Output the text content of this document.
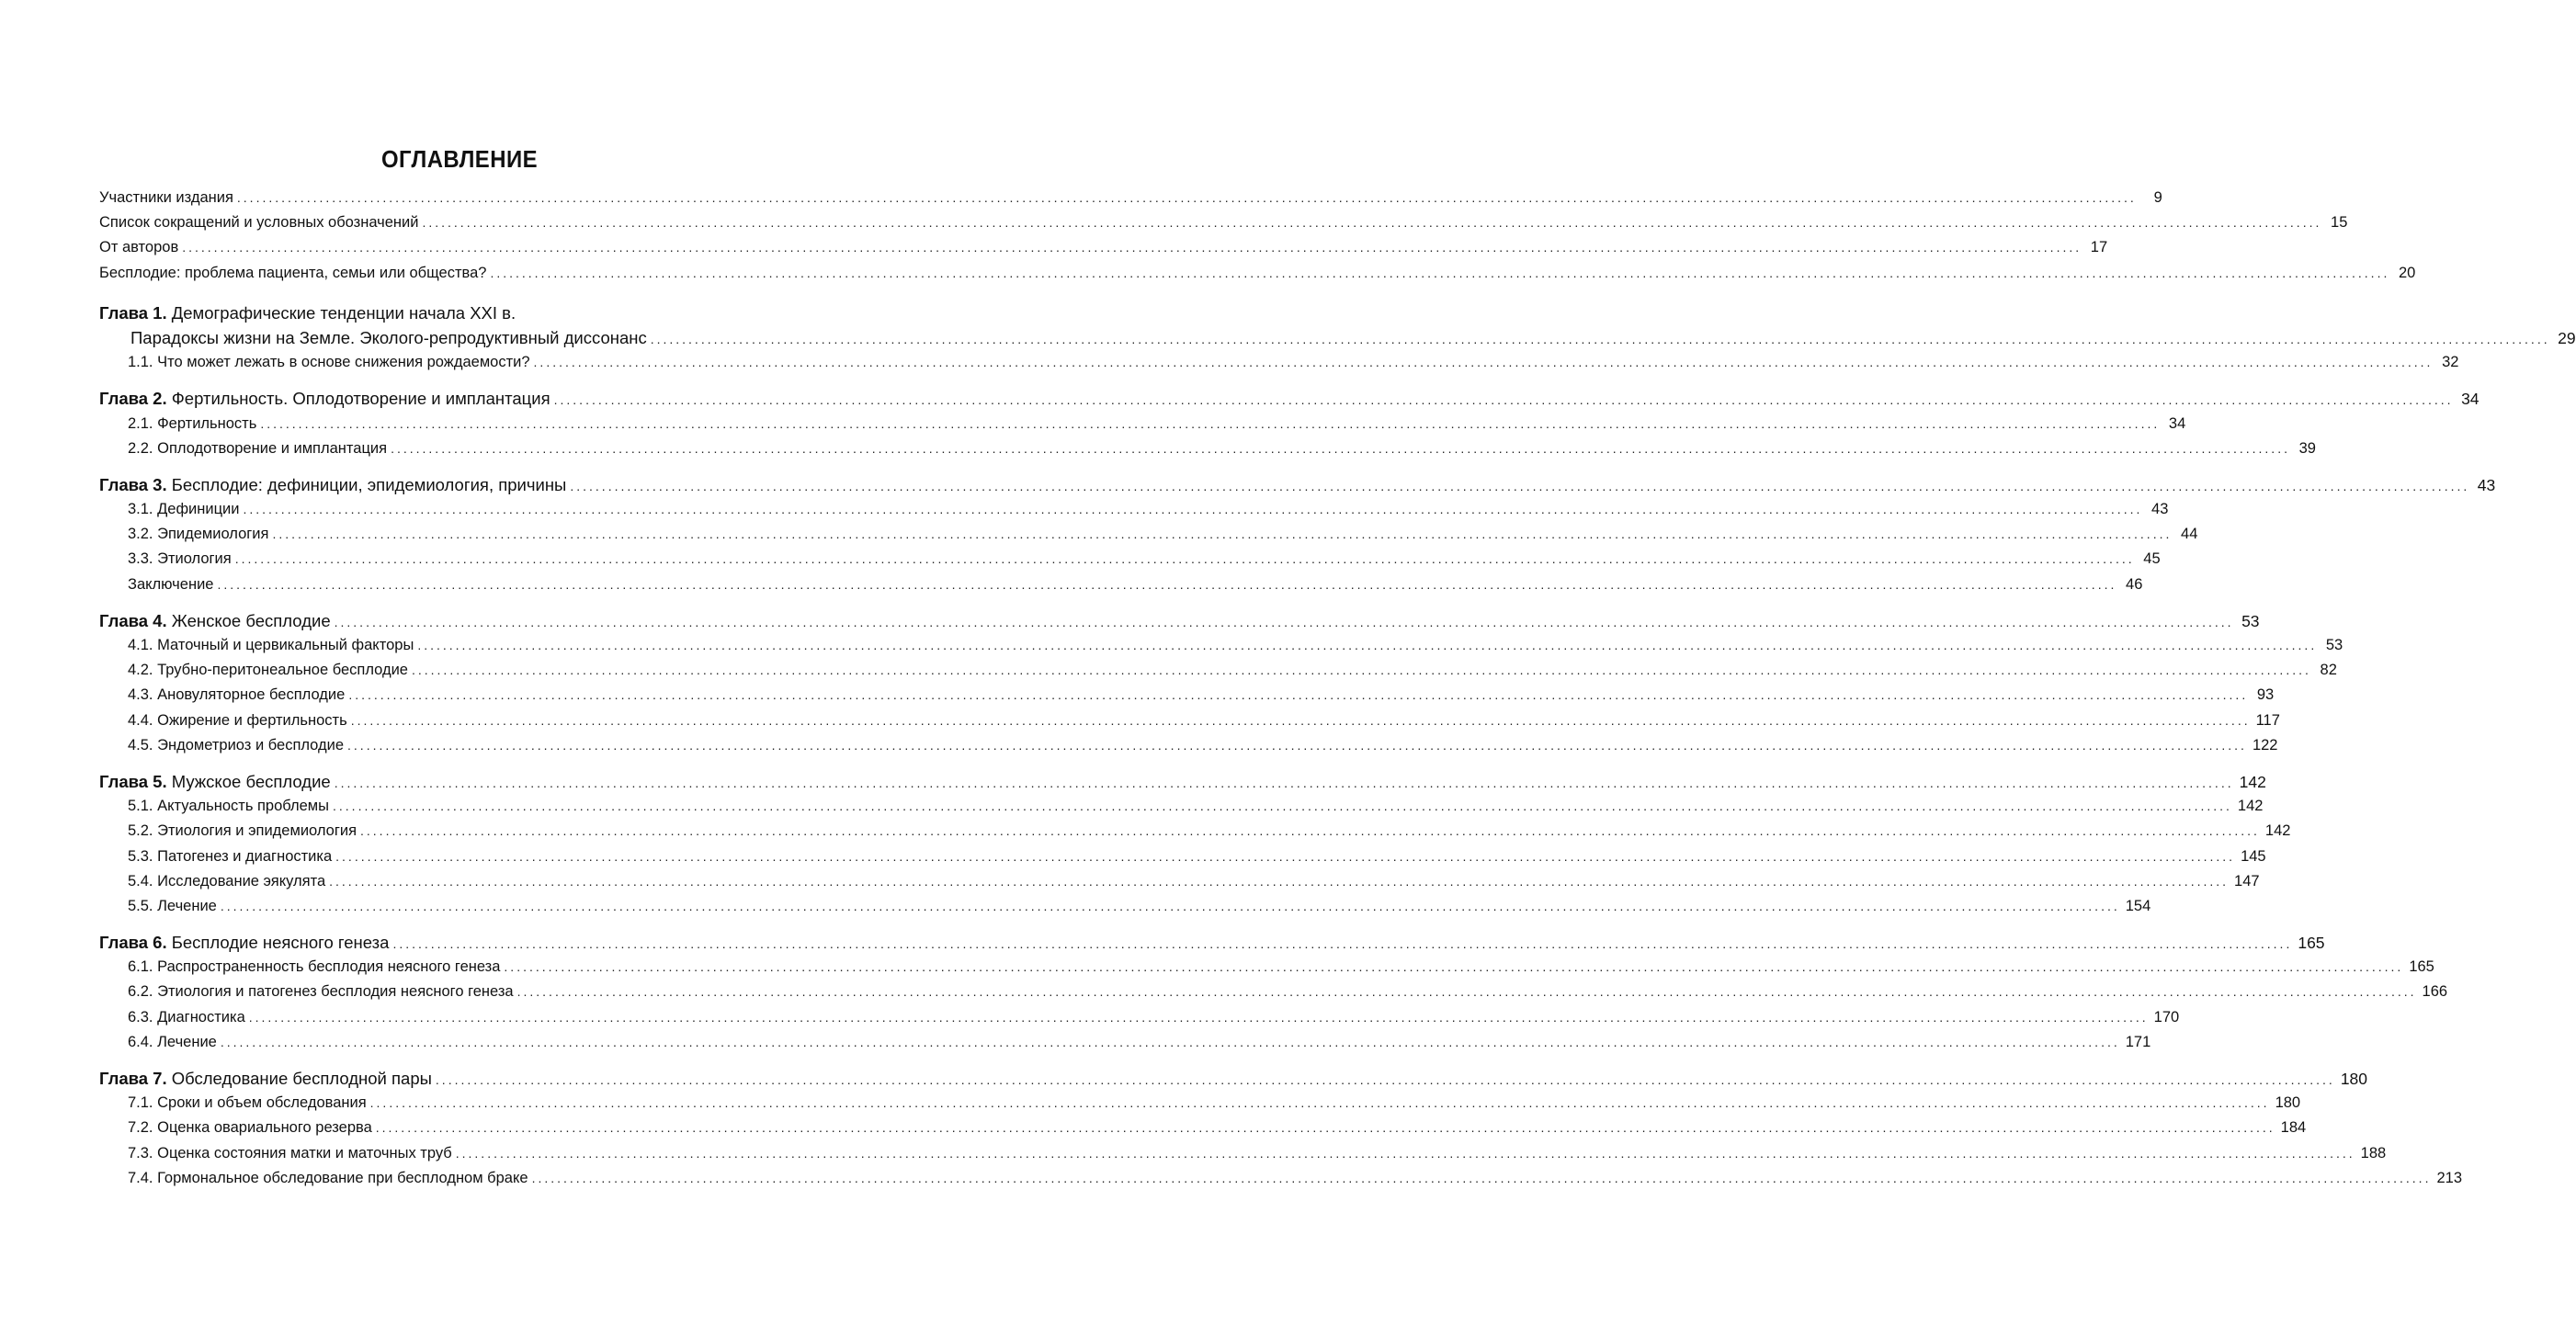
ОГЛАВЛЕНИЕ
Участники издания ............................................................................................................................................................................................................................................................................................................	9
Список сокращений и условных обозначений ............................................................................................................................................................................................................................................................................................................ 15
От авторов ............................................................................................................................................................................................................................................................................................................ 17
Бесплодие: проблема пациента, семьи или общества? ............................................................................................................................................................................................................................................................................................................ 20
Глава 1. Демографические тенденции начала XXI в.
Парадоксы жизни на Земле. Эколого-репродуктивный диссонанс ............................................................................................................................................................................................................................................................................................................ 29
1.1. Что может лежать в основе снижения рождаемости? ............................................................................................................................................................................................................................................................................................................ 32
Глава 2. Фертильность. Оплодотворение и имплантация ............................................................................................................................................................................................................................................................................................................ 34
2.1. Фертильность ............................................................................................................................................................................................................................................................................................................ 34
2.2. Оплодотворение и имплантация ............................................................................................................................................................................................................................................................................................................ 39
Глава 3. Бесплодие: дефиниции, эпидемиология, причины ............................................................................................................................................................................................................................................................................................................ 43
3.1. Дефиниции ............................................................................................................................................................................................................................................................................................................ 43
3.2. Эпидемиология ............................................................................................................................................................................................................................................................................................................ 44
3.3. Этиология ............................................................................................................................................................................................................................................................................................................ 45
Заключение ............................................................................................................................................................................................................................................................................................................ 46
Глава 4. Женское бесплодие ............................................................................................................................................................................................................................................................................................................ 53
4.1. Маточный и цервикальный факторы ............................................................................................................................................................................................................................................................................................................ 53
4.2. Трубно-перитонеальное бесплодие ............................................................................................................................................................................................................................................................................................................ 82
4.3. Ановуляторное бесплодие ............................................................................................................................................................................................................................................................................................................ 93
4.4. Ожирение и фертильность ............................................................................................................................................................................................................................................................................................................ 117
4.5. Эндометриоз и бесплодие ............................................................................................................................................................................................................................................................................................................ 122
Глава 5. Мужское бесплодие ............................................................................................................................................................................................................................................................................................................ 142
5.1. Актуальность проблемы ............................................................................................................................................................................................................................................................................................................ 142
5.2. Этиология и эпидемиология ............................................................................................................................................................................................................................................................................................................ 142
5.3. Патогенез и диагностика ............................................................................................................................................................................................................................................................................................................ 145
5.4. Исследование эякулята ............................................................................................................................................................................................................................................................................................................ 147
5.5. Лечение ............................................................................................................................................................................................................................................................................................................ 154
Глава 6. Бесплодие неясного генеза ............................................................................................................................................................................................................................................................................................................ 165
6.1. Распространенность бесплодия неясного генеза ............................................................................................................................................................................................................................................................................................................ 165
6.2. Этиология и патогенез бесплодия неясного генеза ............................................................................................................................................................................................................................................................................................................ 166
6.3. Диагностика ............................................................................................................................................................................................................................................................................................................ 170
6.4. Лечение ............................................................................................................................................................................................................................................................................................................ 171
Глава 7. Обследование бесплодной пары ............................................................................................................................................................................................................................................................................................................ 180
7.1. Сроки и объем обследования ............................................................................................................................................................................................................................................................................................................ 180
7.2. Оценка овариального резерва ............................................................................................................................................................................................................................................................................................................ 184
7.3. Оценка состояния матки и маточных труб ............................................................................................................................................................................................................................................................................................................ 188
7.4. Гормональное обследование при бесплодном браке ............................................................................................................................................................................................................................................................................................................ 213
